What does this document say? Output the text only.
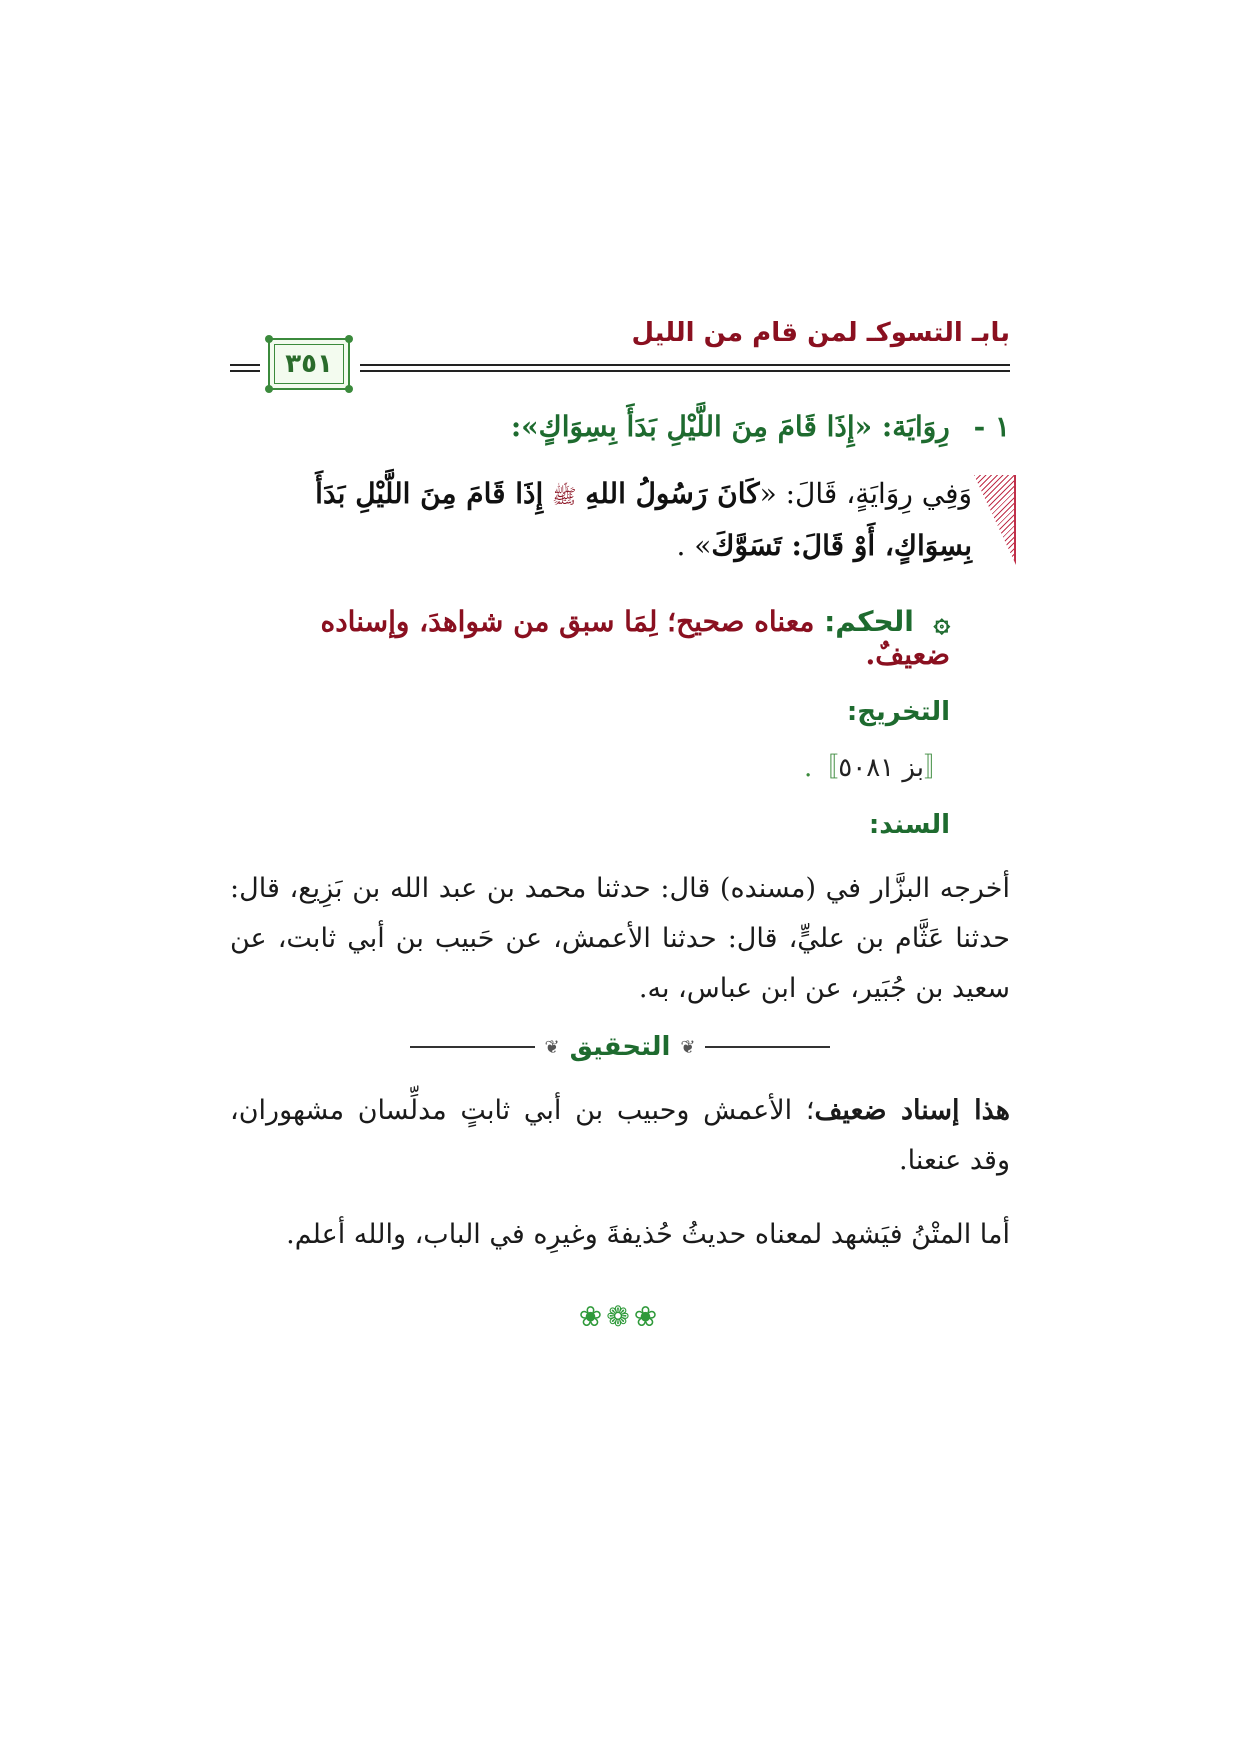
بابـ التسوكـ لمن قام من الليل
٣٥١
١ - رِوَايَة: «إِذَا قَامَ مِنَ اللَّيْلِ بَدَأَ بِسِوَاكٍ»:
وَفِي رِوَايَةٍ، قَالَ: «كَانَ رَسُولُ اللهِ ﷺ إِذَا قَامَ مِنَ اللَّيْلِ بَدَأَ بِسِوَاكٍ، أَوْ قَالَ: تَسَوَّكَ» .
۞ الحكم: معناه صحيح؛ لِمَا سبق من شواهدَ، وإسناده ضعيفٌ.
التخريج:
〚بز ٥٠٨١〛.
السند:
أخرجه البزَّار في (مسنده) قال: حدثنا محمد بن عبد الله بن بَزِيع، قال: حدثنا عَثَّام بن عليٍّ، قال: حدثنا الأعمش، عن حَبيب بن أبي ثابت، عن سعيد بن جُبَير، عن ابن عباس، به.
❦
التحقيق
❦
هذا إسناد ضعيف؛ الأعمش وحبيب بن أبي ثابتٍ مدلِّسان مشهوران، وقد عنعنا.
أما المتْنُ فيَشهد لمعناه حديثُ حُذيفةَ وغيرِه في الباب، والله أعلم.
❀❁❀
